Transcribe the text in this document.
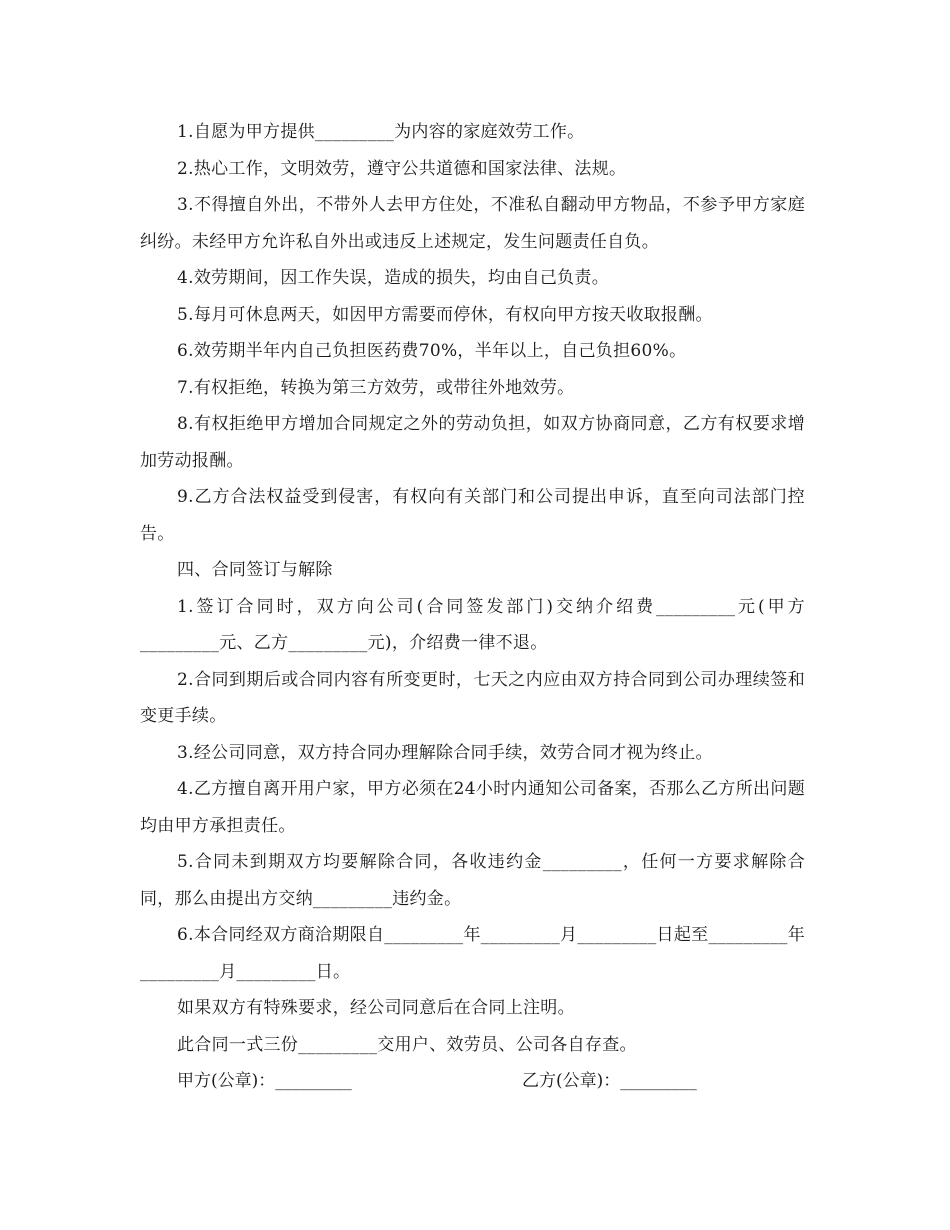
1.自愿为甲方提供_________为内容的家庭效劳工作。

2.热心工作，文明效劳，遵守公共道德和国家法律、法规。

3.不得擅自外出，不带外人去甲方住处，不准私自翻动甲方物品，不参予甲方家庭纠纷。未经甲方允许私自外出或违反上述规定，发生问题责任自负。

4.效劳期间，因工作失误，造成的损失，均由自己负责。

5.每月可休息两天，如因甲方需要而停休，有权向甲方按天收取报酬。

6.效劳期半年内自己负担医药费70%，半年以上，自己负担60%。

7.有权拒绝，转换为第三方效劳，或带往外地效劳。

8.有权拒绝甲方增加合同规定之外的劳动负担，如双方协商同意，乙方有权要求增加劳动报酬。

9.乙方合法权益受到侵害，有权向有关部门和公司提出申诉，直至向司法部门控告。

四、合同签订与解除

1.签订合同时，双方向公司(合同签发部门)交纳介绍费_________元(甲方_________元、乙方_________元)，介绍费一律不退。

2.合同到期后或合同内容有所变更时，七天之内应由双方持合同到公司办理续签和变更手续。

3.经公司同意，双方持合同办理解除合同手续，效劳合同才视为终止。

4.乙方擅自离开用户家，甲方必须在24小时内通知公司备案，否那么乙方所出问题均由甲方承担责任。

5.合同未到期双方均要解除合同，各收违约金_________，任何一方要求解除合同，那么由提出方交纳_________违约金。

6.本合同经双方商洽期限自_________年_________月_________日起至_________年_________月_________日。

如果双方有特殊要求，经公司同意后在合同上注明。

此合同一式三份_________交用户、效劳员、公司各自存查。

甲方(公章)：_________	乙方(公章)：_________
